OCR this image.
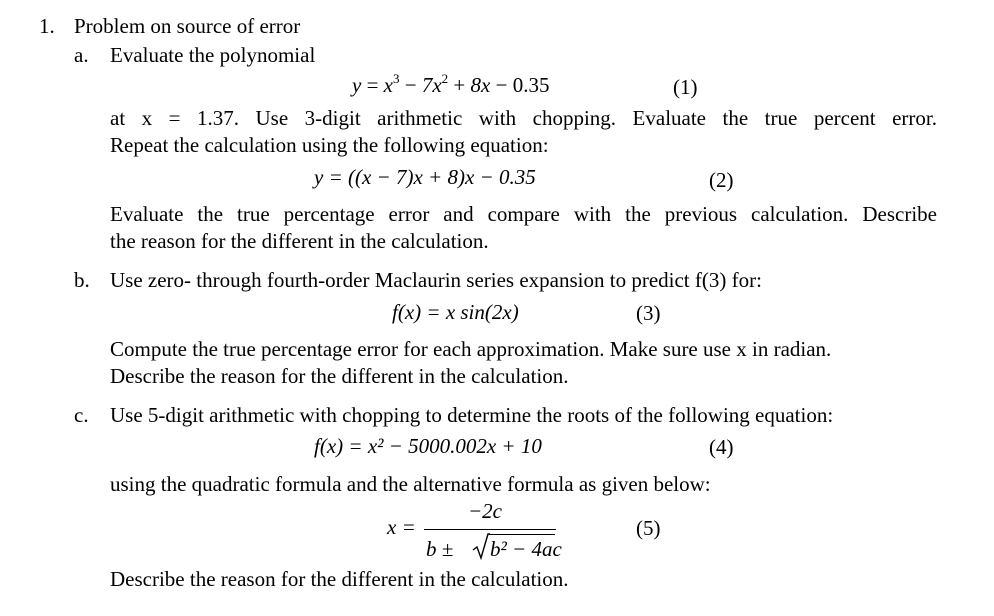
1. Problem on source of error
a. Evaluate the polynomial
$y = x^3 - 7x^2 + 8x - 0.35$	(1)
at x = 1.37. Use 3-digit arithmetic with chopping. Evaluate the true percent error.
Repeat the calculation using the following equation:
y = ((x − 7)x + 8)x − 0.35	(2)
Evaluate the true percentage error and compare with the previous calculation. Describe
the reason for the different in the calculation.
b. Use zero- through fourth-order Maclaurin series expansion to predict f(3) for:
f(x) = x sin(2x)	(3)
Compute the true percentage error for each approximation. Make sure use x in radian.
Describe the reason for the different in the calculation.
c. Use 5-digit arithmetic with chopping to determine the roots of the following equation:
f(x) = x² − 5000.002x + 10	(4)
using the quadratic formula and the alternative formula as given below:
x =
−2c
b ± b² − 4ac
(5)
Describe the reason for the different in the calculation.
